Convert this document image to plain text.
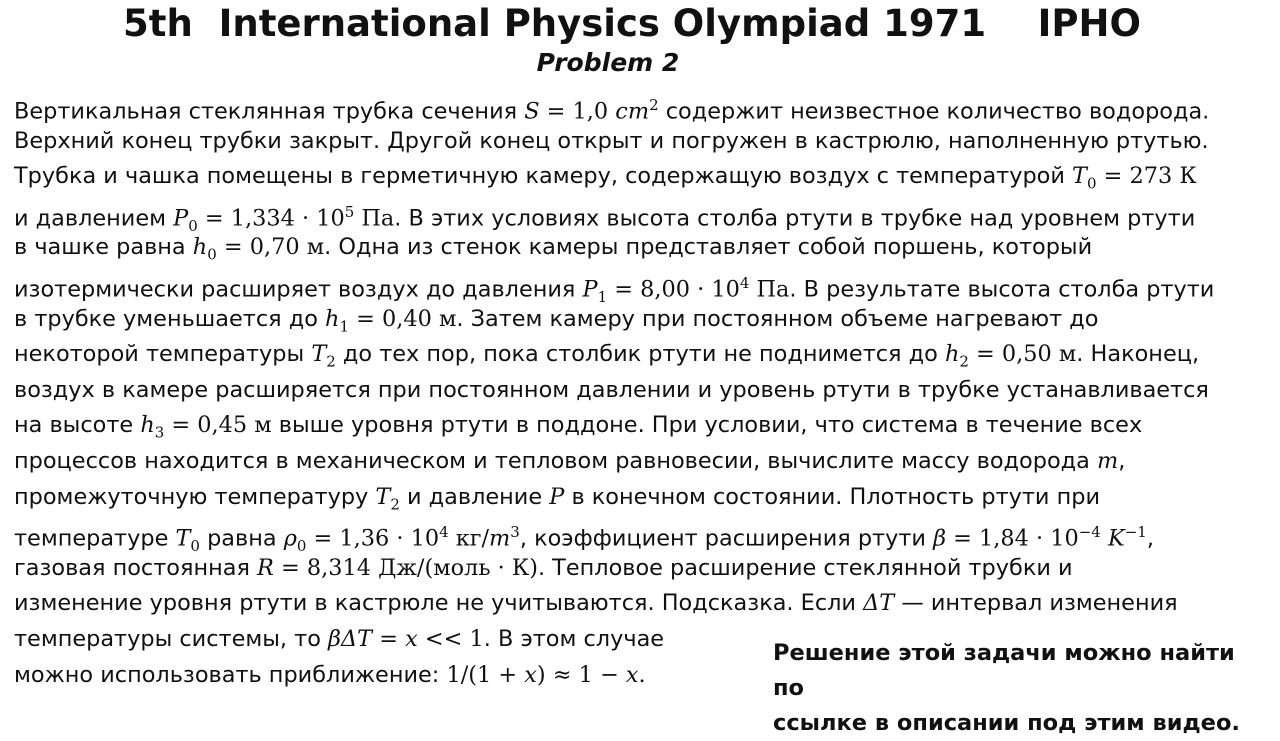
5th  International Physics Olympiad 1971    IPHO
Problem 2
Вертикальная стеклянная трубка сечения S = 1,0 $cm^2$ содержит неизвестное количество водорода.
Верхний конец трубки закрыт. Другой конец открыт и погружен в кастрюлю, наполненную ртутью.
Трубка и чашка помещены в герметичную камеру, содержащую воздух с температурой $T_0 = 273$ К
и давлением $P_0 = 1,334 \cdot 10^5$ Па. В этих условиях высота столба ртути в трубке над уровнем ртути
в чашке равна $h_0 = 0,70$ м. Одна из стенок камеры представляет собой поршень, который
изотермически расширяет воздух до давления $P_1 = 8,00 \cdot 10^4$ Па. В результате высота столба ртути
в трубке уменьшается до $h_1 = 0,40$ м. Затем камеру при постоянном объеме нагревают до
некоторой температуры $T_2$ до тех пор, пока столбик ртути не поднимется до $h_2 = 0,50$ м. Наконец,
воздух в камере расширяется при постоянном давлении и уровень ртути в трубке устанавливается
на высоте $h_3 = 0,45$ м выше уровня ртути в поддоне. При условии, что система в течение всех
процессов находится в механическом и тепловом равновесии, вычислите массу водорода m,
промежуточную температуру $T_2$ и давление P в конечном состоянии. Плотность ртути при
температуре $T_0$ равна $\rho_0 = 1,36 \cdot 10^4$ $кг/m^3$, коэффициент расширения ртути $\beta = 1,84 \cdot 10^{-4}$ $K^{-1}$,
газовая постоянная R = 8,314 Дж/(моль · К). Тепловое расширение стеклянной трубки и
изменение уровня ртути в кастрюле не учитываются. Подсказка. Если ΔT — интервал изменения
температуры системы, то βΔT = x << 1. В этом случае
можно использовать приближение: 1/(1 + x) ≈ 1 − x.
Решение этой задачи можно найти по
ссылке в описании под этим видео.
